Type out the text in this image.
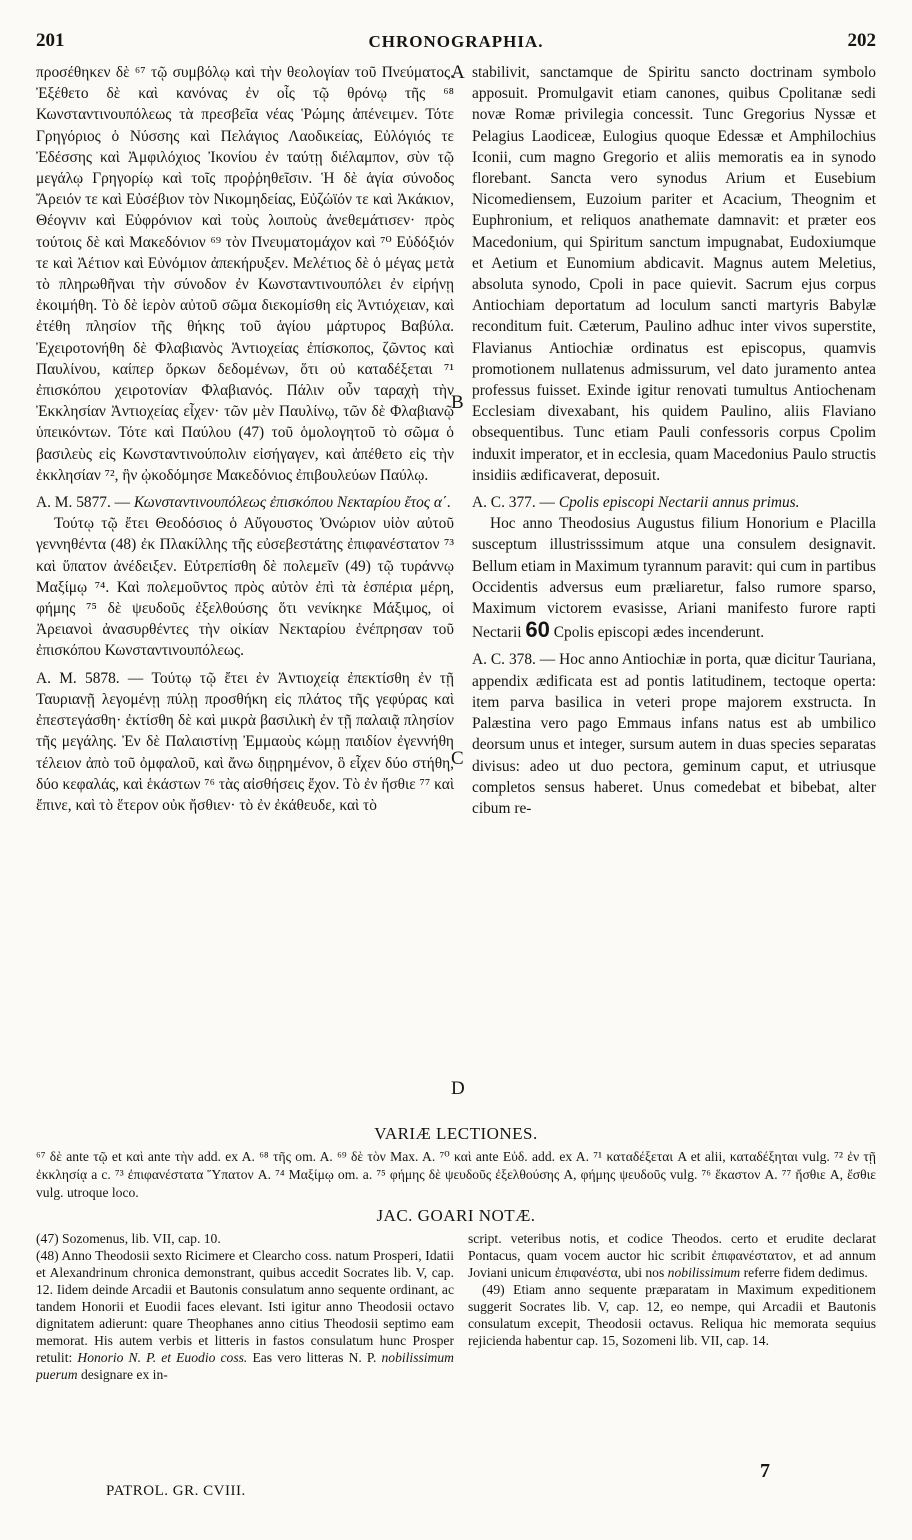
201	CHRONOGRAPHIA.	202

προσέθηκεν δὲ ⁶⁷ τῷ συμβόλῳ καὶ τὴν θεολογίαν τοῦ Πνεύματος. Ἐξέθετο δὲ καὶ κανόνας ἐν οἷς τῷ θρόνῳ τῆς ⁶⁸ Κωνσταντινουπόλεως τὰ πρεσβεῖα νέας Ῥώμης ἀπένειμεν. Τότε Γρηγόριος ὁ Νύσσης καὶ Πελάγιος Λαοδικείας, Εὐλόγιός τε Ἐδέσσης καὶ Ἀμφιλόχιος Ἰκονίου ἐν ταύτῃ διέλαμπον, σὺν τῷ μεγάλῳ Γρηγορίῳ καὶ τοῖς προῤῥηθεῖσιν. Ἡ δὲ ἁγία σύνοδος Ἄρειόν τε καὶ Εὐσέβιον τὸν Νικομηδείας, Εὐζώϊόν τε καὶ Ἀκάκιον, Θέογνιν καὶ Εὐφρόνιον καὶ τοὺς λοιποὺς ἀνεθεμάτισεν· πρὸς τούτοις δὲ καὶ Μακεδόνιον ⁶⁹ τὸν Πνευματομάχον καὶ ⁷⁰ Εὐδόξιόν τε καὶ Ἀέτιον καὶ Εὐνόμιον ἀπεκήρυξεν. Μελέτιος δὲ ὁ μέγας μετὰ τὸ πληρωθῆναι τὴν σύνοδον ἐν Κωνσταντινουπόλει ἐν εἰρήνῃ ἐκοιμήθη. Τὸ δὲ ἱερὸν αὐτοῦ σῶμα διεκομίσθη εἰς Ἀντιόχειαν, καὶ ἐτέθη πλησίον τῆς θήκης τοῦ ἁγίου μάρτυρος Βαβύλα. Ἐχειροτονήθη δὲ Φλαβιανὸς Ἀντιοχείας ἐπίσκοπος, ζῶντος καὶ Παυλίνου, καίπερ ὅρκων δεδομένων, ὅτι οὐ καταδέξεται ⁷¹ ἐπισκόπου χειροτονίαν Φλαβιανός. Πάλιν οὖν ταραχὴ τὴν Ἐκκλησίαν Ἀντιοχείας εἶχεν· τῶν μὲν Παυλίνῳ, τῶν δὲ Φλαβιανῷ ὑπεικόντων. Τότε καὶ Παύλου (47) τοῦ ὁμολογητοῦ τὸ σῶμα ὁ βασιλεὺς εἰς Κωνσταντινούπολιν εἰσήγαγεν, καὶ ἀπέθετο εἰς τὴν ἐκκλησίαν ⁷², ἣν ᾠκοδόμησε Μακεδόνιος ἐπιβουλεύων Παύλῳ.

A. M. 5877. — Κωνσταντινουπόλεως ἐπισκόπου Νεκταρίου ἔτος α΄.

Τούτῳ τῷ ἔτει Θεοδόσιος ὁ Αὔγουστος Ὀνώριον υἱὸν αὐτοῦ γεννηθέντα (48) ἐκ Πλακίλλης τῆς εὐσεβεστάτης ἐπιφανέστατον ⁷³ καὶ ὕπατον ἀνέδειξεν. Εὐτρεπίσθη δὲ πολεμεῖν (49) τῷ τυράννῳ Μαξίμῳ ⁷⁴. Καὶ πολεμοῦντος πρὸς αὐτὸν ἐπὶ τὰ ἑσπέρια μέρη, φήμης ⁷⁵ δὲ ψευδοῦς ἐξελθούσης ὅτι νενίκηκε Μάξιμος, οἱ Ἀρειανοὶ ἀνασυρθέντες τὴν οἰκίαν Νεκταρίου ἐνέπρησαν τοῦ ἐπισκόπου Κωνσταντινουπόλεως.

A. M. 5878. — Τούτῳ τῷ ἔτει ἐν Ἀντιοχείᾳ ἐπεκτίσθη ἐν τῇ Ταυριανῇ λεγομένῃ πύλῃ προσθήκη εἰς πλάτος τῆς γεφύρας καὶ ἐπεστεγάσθη· ἐκτίσθη δὲ καὶ μικρὰ βασιλικὴ ἐν τῇ παλαιᾷ πλησίον τῆς μεγάλης. Ἐν δὲ Παλαιστίνῃ Ἐμμαοὺς κώμῃ παιδίον ἐγεννήθη τέλειον ἀπὸ τοῦ ὀμφαλοῦ, καὶ ἄνω διῃρημένον, ὃ εἶχεν δύο στήθη, δύο κεφαλάς, καὶ ἑκάστων ⁷⁶ τὰς αἰσθήσεις ἔχον. Τὸ ἐν ἤσθιε ⁷⁷ καὶ ἔπινε, καὶ τὸ ἕτερον οὐκ ἤσθιεν· τὸ ἐν ἐκάθευδε, καὶ τὸ

A
B
C
D

stabilivit, sanctamque de Spiritu sancto doctrinam symbolo apposuit. Promulgavit etiam canones, quibus Cpolitanæ sedi novæ Romæ privilegia concessit. Tunc Gregorius Nyssæ et Pelagius Laodiceæ, Eulogius quoque Edessæ et Amphilochius Iconii, cum magno Gregorio et aliis memoratis ea in synodo florebant. Sancta vero synodus Arium et Eusebium Nicomediensem, Euzoium pariter et Acacium, Theognim et Euphronium, et reliquos anathemate damnavit: et præter eos Macedonium, qui Spiritum sanctum impugnabat, Eudoxiumque et Aetium et Eunomium abdicavit. Magnus autem Meletius, absoluta synodo, Cpoli in pace quievit. Sacrum ejus corpus Antiochiam deportatum ad loculum sancti martyris Babylæ reconditum fuit. Cæterum, Paulino adhuc inter vivos superstite, Flavianus Antiochiæ ordinatus est episcopus, quamvis promotionem nullatenus admissurum, vel dato juramento antea professus fuisset. Exinde igitur renovati tumultus Antiochenam Ecclesiam divexabant, his quidem Paulino, aliis Flaviano obsequentibus. Tunc etiam Pauli confessoris corpus Cpolim induxit imperator, et in ecclesia, quam Macedonius Paulo structis insidiis ædificaverat, deposuit.

A. C. 377. — Cpolis episcopi Nectarii annus primus.

Hoc anno Theodosius Augustus filium Honorium e Placilla susceptum illustrisssimum atque una consulem designavit. Bellum etiam in Maximum tyrannum paravit: qui cum in partibus Occidentis adversus eum præliaretur, falso rumore sparso, Maximum victorem evasisse, Ariani manifesto furore rapti Nectarii 60 Cpolis episcopi ædes incenderunt.

A. C. 378. — Hoc anno Antiochiæ in porta, quæ dicitur Tauriana, appendix ædificata est ad pontis latitudinem, tectoque operta: item parva basilica in veteri prope majorem exstructa. In Palæstina vero pago Emmaus infans natus est ab umbilico deorsum unus et integer, sursum autem in duas species separatas divisus: adeo ut duo pectora, geminum caput, et utriusque completos sensus haberet. Unus comedebat et bibebat, alter cibum re-

VARIÆ LECTIONES.
⁶⁷ δὲ ante τῷ et καὶ ante τὴν add. ex A. ⁶⁸ τῆς om. A. ⁶⁹ δὲ τὸν Max. A. ⁷⁰ καὶ ante Εὐδ. add. ex A. ⁷¹ καταδέξεται A et alii, καταδέξηται vulg. ⁷² ἐν τῇ ἐκκλησίᾳ a c. ⁷³ ἐπιφανέστατα Ὕπατον A. ⁷⁴ Μαξίμῳ om. a. ⁷⁵ φήμης δὲ ψευδοῦς ἐξελθούσης A, φήμης ψευδοῦς vulg. ⁷⁶ ἕκαστον A. ⁷⁷ ἤσθιε A, ἔσθιε vulg. utroque loco.
JAC. GOARI NOTÆ.

(47) Sozomenus, lib. VII, cap. 10.

(48) Anno Theodosii sexto Ricimere et Clearcho coss. natum Prosperi, Idatii et Alexandrinum chronica demonstrant, quibus accedit Socrates lib. V, cap. 12. Iidem deinde Arcadii et Bautonis consulatum anno sequente ordinant, ac tandem Honorii et Euodii faces elevant. Isti igitur anno Theodosii octavo dignitatem adierunt: quare Theophanes anno citius Theodosii septimo eam memorat. His autem verbis et litteris in fastos consulatum hunc Prosper retulit: Honorio N. P. et Euodio coss. Eas vero litteras N. P. nobilissimum puerum designare ex in-

script. veteribus notis, et codice Theodos. certo et erudite declarat Pontacus, quam vocem auctor hic scribit ἐπιφανέστατον, et ad annum Joviani unicum ἐπιφανέστα, ubi nos nobilissimum referre fidem dedimus.

(49) Etiam anno sequente præparatam in Maximum expeditionem suggerit Socrates lib. V, cap. 12, eo nempe, qui Arcadii et Bautonis consulatum excepit, Theodosii octavus. Reliqua hic memorata sequius rejicienda habentur cap. 15, Sozomeni lib. VII, cap. 14.

PATROL. GR. CVIII.
7
